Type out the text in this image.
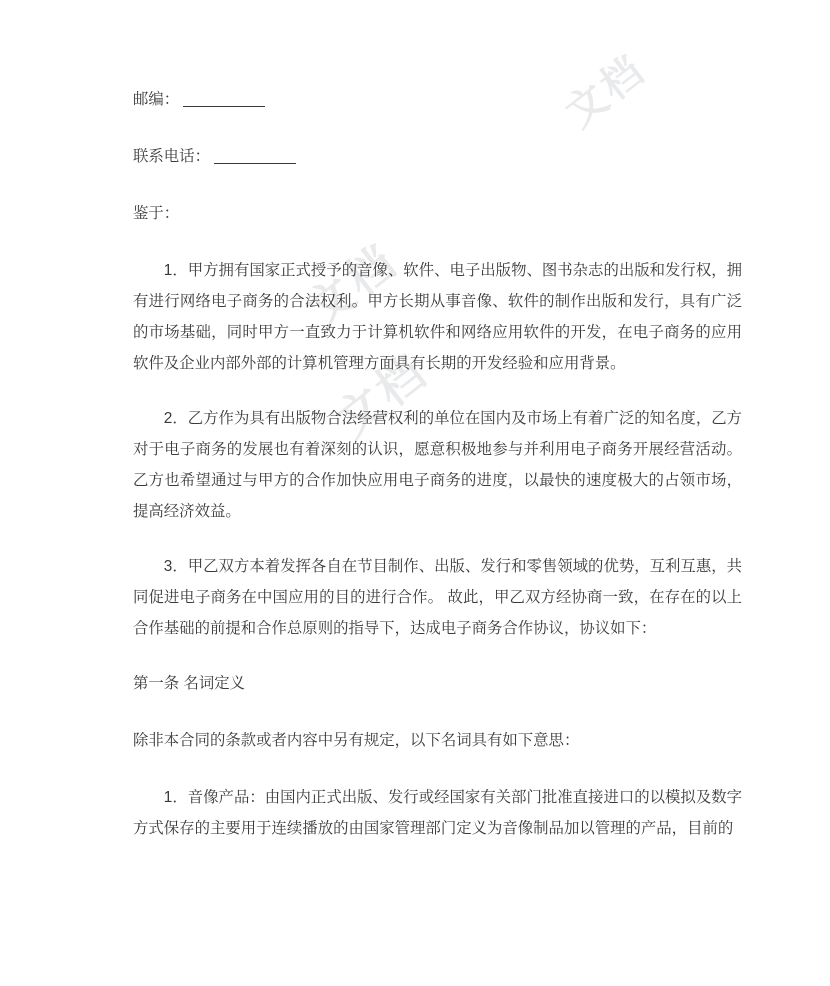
文档
文档
文档

邮编：

联系电话：

鉴于：

1．甲方拥有国家正式授予的音像、软件、电子出版物、图书杂志的出版和发行权，拥有进行网络电子商务的合法权利。甲方长期从事音像、软件的制作出版和发行，具有广泛的市场基础，同时甲方一直致力于计算机软件和网络应用软件的开发，在电子商务的应用软件及企业内部外部的计算机管理方面具有长期的开发经验和应用背景。

2．乙方作为具有出版物合法经营权利的单位在国内及市场上有着广泛的知名度，乙方对于电子商务的发展也有着深刻的认识，愿意积极地参与并利用电子商务开展经营活动。乙方也希望通过与甲方的合作加快应用电子商务的进度，以最快的速度极大的占领市场，提高经济效益。

3．甲乙双方本着发挥各自在节目制作、出版、发行和零售领域的优势，互利互惠，共同促进电子商务在中国应用的目的进行合作。 故此，甲乙双方经协商一致，在存在的以上合作基础的前提和合作总原则的指导下，达成电子商务合作协议，协议如下：

第一条 名词定义

除非本合同的条款或者内容中另有规定，以下名词具有如下意思：

1．音像产品：由国内正式出版、发行或经国家有关部门批准直接进口的以模拟及数字方式保存的主要用于连续播放的由国家管理部门定义为音像制品加以管理的产品，目前的
